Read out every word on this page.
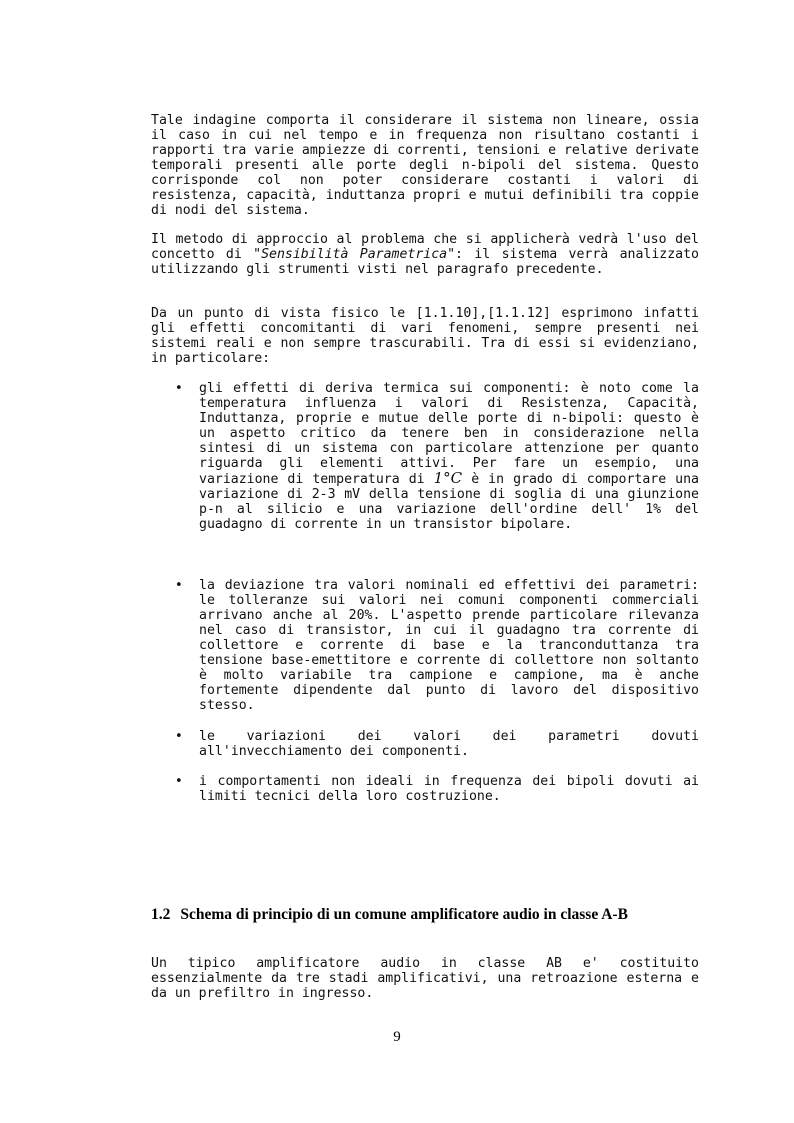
Tale indagine comporta il considerare il sistema non lineare, ossia il caso in cui nel tempo e in frequenza non risultano costanti i rapporti tra varie ampiezze di correnti, tensioni e relative derivate temporali presenti alle porte degli n-bipoli del sistema. Questo corrisponde col non poter considerare costanti i valori di resistenza, capacità, induttanza propri e mutui definibili tra coppie di nodi del sistema.

Il metodo di approccio al problema che si applicherà vedrà l'uso del concetto di "Sensibilità Parametrica": il sistema verrà analizzato utilizzando gli strumenti visti nel paragrafo precedente.

Da un punto di vista fisico le [1.1.10],[1.1.12] esprimono infatti gli effetti concomitanti di vari fenomeni, sempre presenti nei sistemi reali e non sempre trascurabili. Tra di essi si evidenziano, in particolare:

• gli effetti di deriva termica sui componenti: è noto come la temperatura influenza i valori di Resistenza, Capacità, Induttanza, proprie e mutue delle porte di n-bipoli: questo è un aspetto critico da tenere ben in considerazione nella sintesi di un sistema con particolare attenzione per quanto riguarda gli elementi attivi. Per fare un esempio, una variazione di temperatura di 1°C è in grado di comportare una variazione di 2-3 mV della tensione di soglia di una giunzione p-n al silicio e una variazione dell'ordine dell' 1% del guadagno di corrente in un transistor bipolare.
• la deviazione tra valori nominali ed effettivi dei parametri: le tolleranze sui valori nei comuni componenti commerciali arrivano anche al 20%. L'aspetto prende particolare rilevanza nel caso di transistor, in cui il guadagno tra corrente di collettore e corrente di base e la tranconduttanza tra tensione base-emettitore e corrente di collettore non soltanto è molto variabile tra campione e campione, ma è anche fortemente dipendente dal punto di lavoro del dispositivo stesso.
• le variazioni dei valori dei parametri dovuti all'invecchiamento dei componenti.
• i comportamenti non ideali in frequenza dei bipoli dovuti ai limiti tecnici della loro costruzione.
1.2 Schema di principio di un comune amplificatore audio in classe A-B

Un tipico amplificatore audio in classe AB e' costituito essenzialmente da tre stadi amplificativi, una retroazione esterna e da un prefiltro in ingresso.

9
